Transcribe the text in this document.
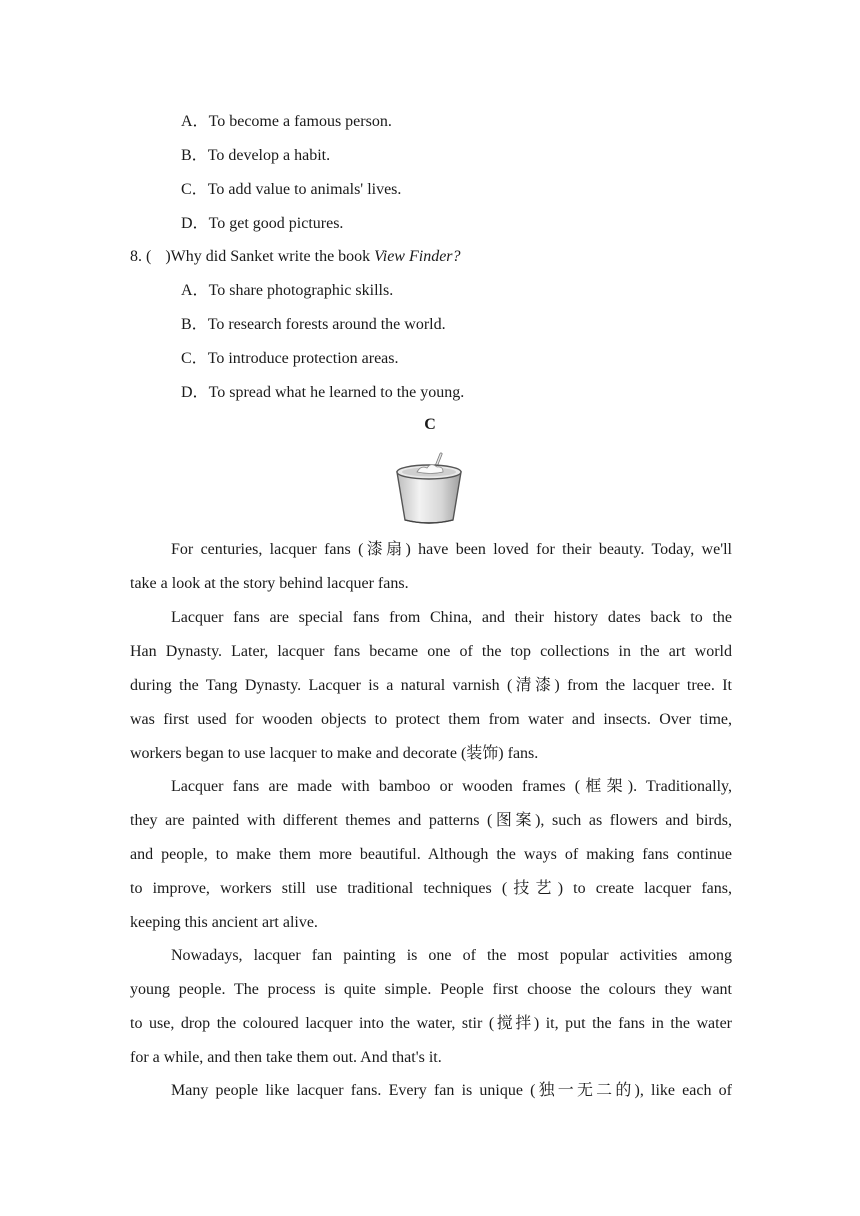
A．To become a famous person.
B．To develop a habit.
C．To add value to animals' lives.
D．To get good pictures.
8. ( )Why did Sanket write the book View Finder?
A．To share photographic skills.
B．To research forests around the world.
C．To introduce protection areas.
D．To spread what he learned to the young.
C
For centuries, lacquer fans (漆扇) have been loved for their beauty. Today, we'll
take a look at the story behind lacquer fans.
Lacquer fans are special fans from China, and their history dates back to the
Han Dynasty. Later, lacquer fans became one of the top collections in the art world
during the Tang Dynasty. Lacquer is a natural varnish (清漆) from the lacquer tree. It
was first used for wooden objects to protect them from water and insects. Over time,
workers began to use lacquer to make and decorate (装饰) fans.
Lacquer fans are made with bamboo or wooden frames (框架). Traditionally,
they are painted with different themes and patterns (图案), such as flowers and birds,
and people, to make them more beautiful. Although the ways of making fans continue
to improve, workers still use traditional techniques (技艺) to create lacquer fans,
keeping this ancient art alive.
Nowadays, lacquer fan painting is one of the most popular activities among
young people. The process is quite simple. People first choose the colours they want
to use, drop the coloured lacquer into the water, stir (搅拌) it, put the fans in the water
for a while, and then take them out. And that's it.
Many people like lacquer fans. Every fan is unique (独一无二的), like each of
